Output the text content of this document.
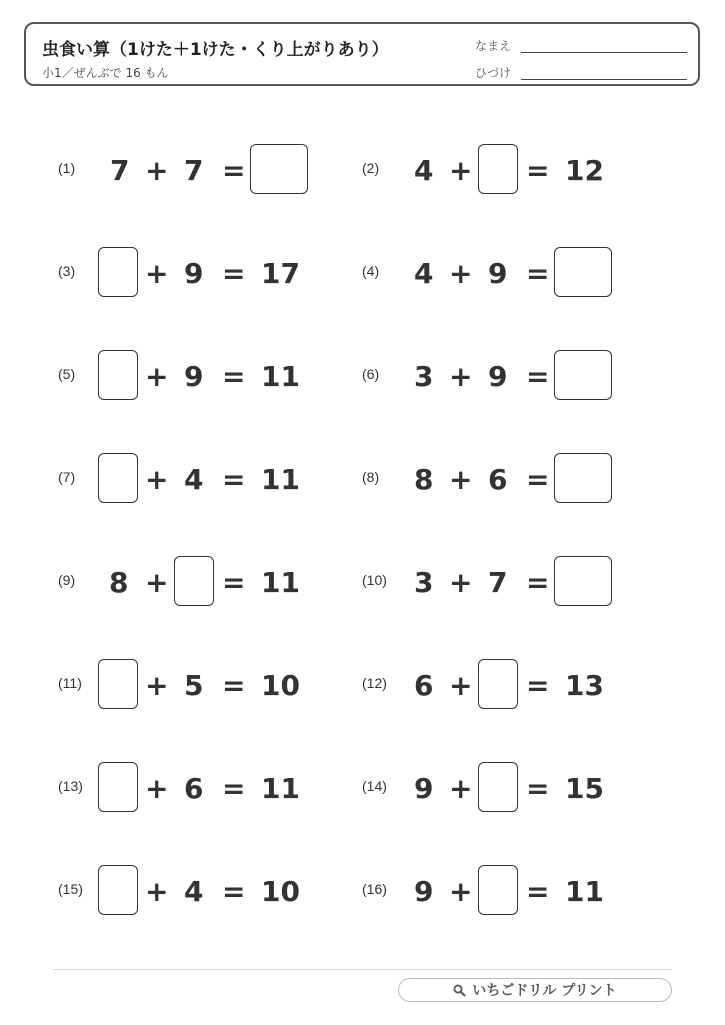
虫食い算（1けた＋1けた・くり上がりあり）
小1／ぜんぶで 16 もん
なまえ
ひづけ
(1) 7 + 7 =	(2) 4 + = 12
(3) + 9 = 17	(4) 4 + 9 =
(5) + 9 = 11	(6) 3 + 9 =
(7) + 4 = 11	(8) 8 + 6 =
(9) 8 + = 11	(10) 3 + 7 =
(11) + 5 = 10	(12) 6 + = 13
(13) + 6 = 11	(14) 9 + = 15
(15) + 4 = 10	(16) 9 + = 11
いちごドリル プリント
